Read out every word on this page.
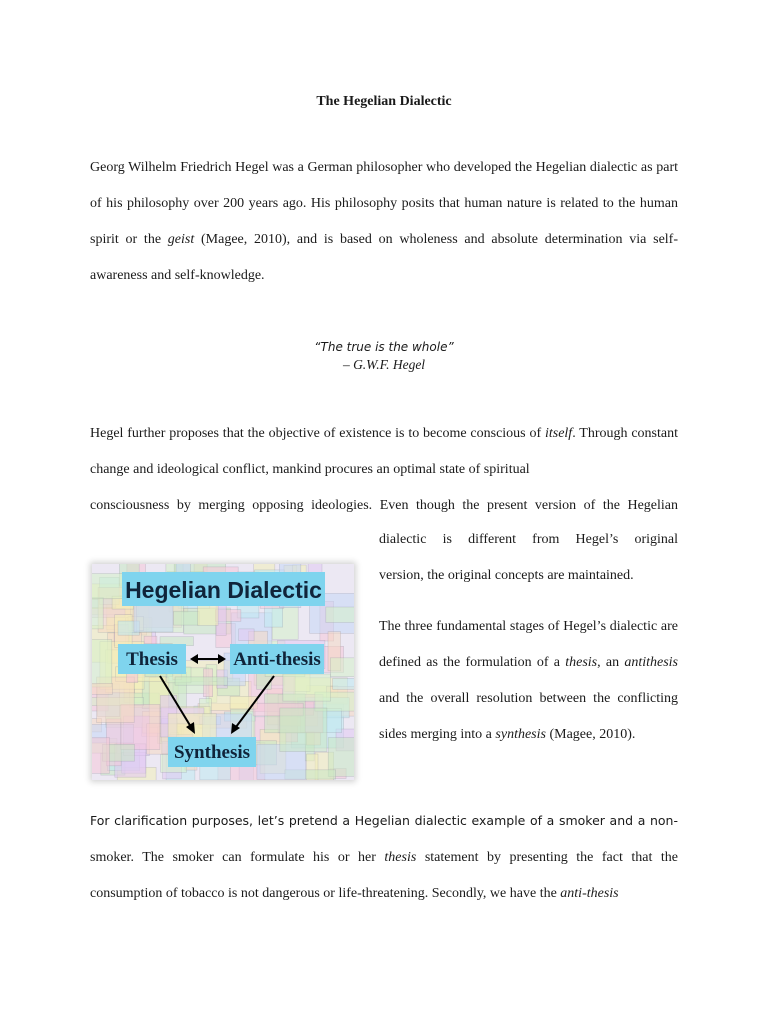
The Hegelian Dialectic

Georg Wilhelm Friedrich Hegel was a German philosopher who developed the Hegelian dialectic as part of his philosophy over 200 years ago. His philosophy posits that human nature is related to the human spirit or the geist (Magee, 2010), and is based on wholeness and absolute determination via self-awareness and self-knowledge.

“The true is the whole”
– G.W.F. Hegel

Hegel further proposes that the objective of existence is to become conscious of itself. Through constant change and ideological conflict, mankind procures an optimal state of spiritual

consciousness by merging opposing ideologies. Even though the present version of the Hegelian

dialectic is different from Hegel’s original
version, the original concepts are maintained.

The three fundamental stages of Hegel’s dialectic are defined as the formulation of a thesis, an antithesis and the overall resolution between the conflicting sides merging into a synthesis (Magee, 2010).

Hegelian Dialectic
Thesis	Anti-thesis
Synthesis

For clarification purposes, let’s pretend a Hegelian dialectic example of a smoker and a non- smoker. The smoker can formulate his or her thesis statement by presenting the fact that the consumption of tobacco is not dangerous or life-threatening. Secondly, we have the anti-thesis
